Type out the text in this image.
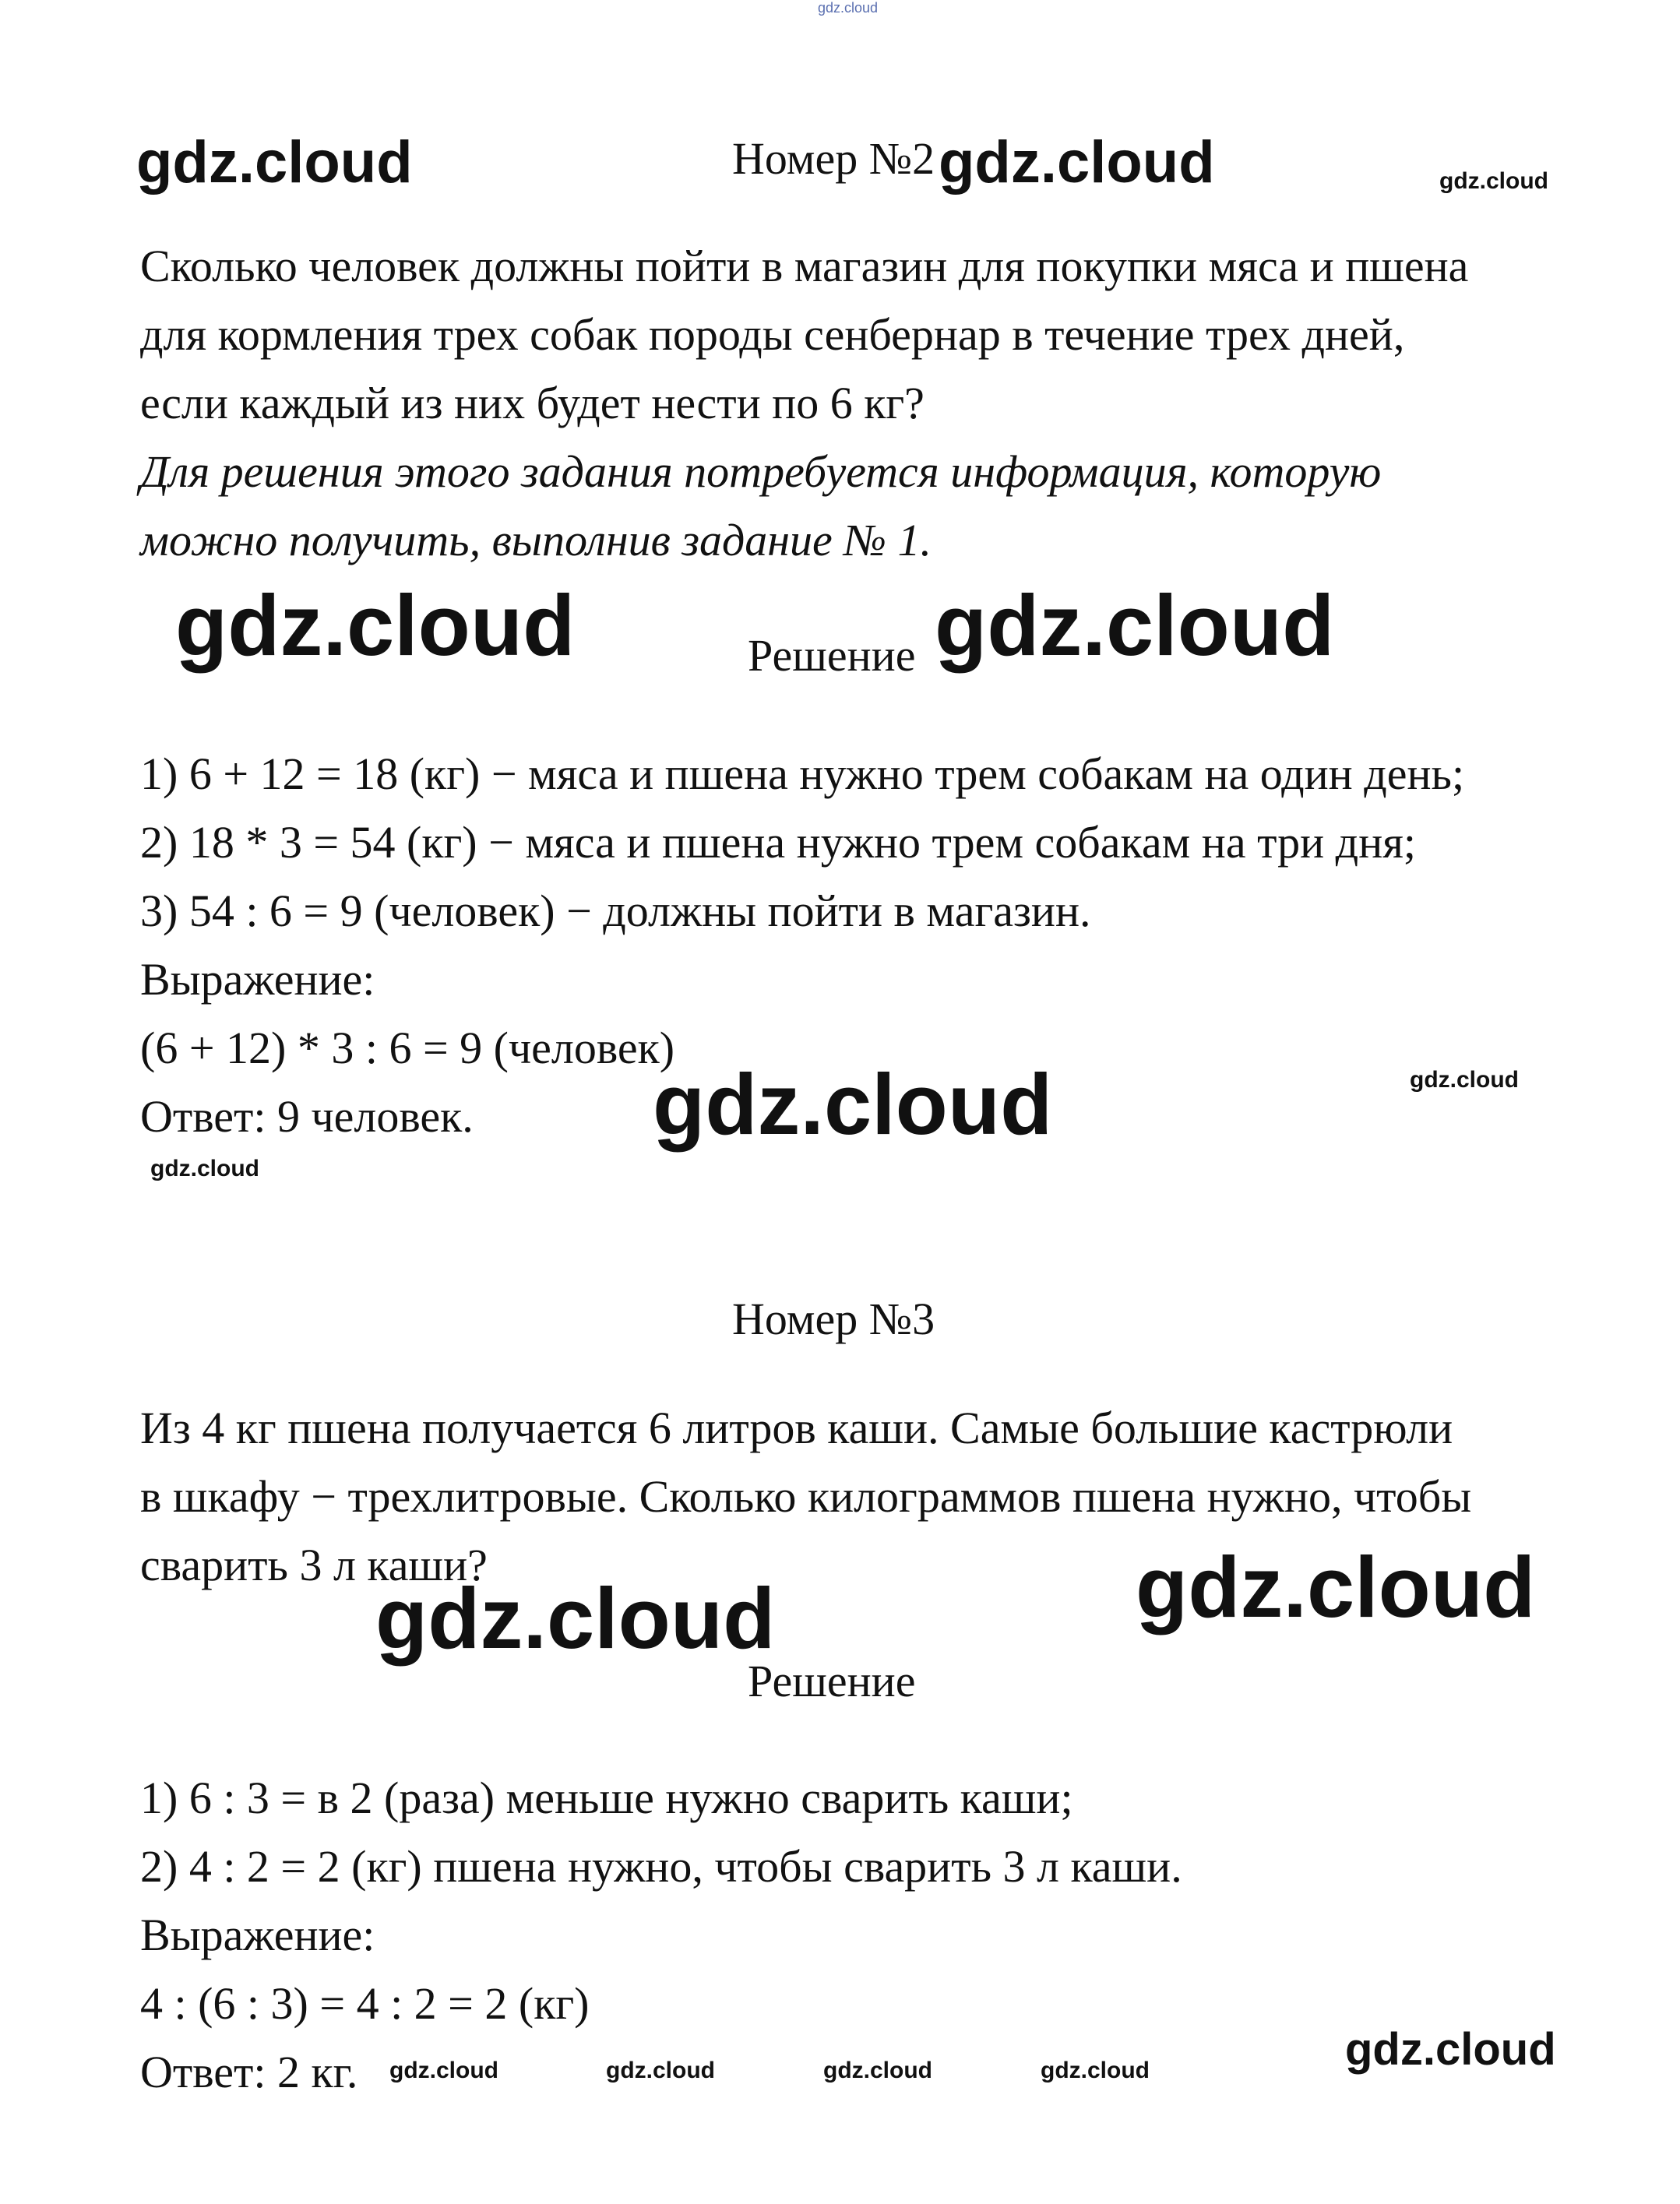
gdz.cloud
Номер №2
gdz.cloud	gdz.cloud	gdz.cloud
Сколько человек должны пойти в магазин для покупки мяса и пшена
для кормления трех собак породы сенбернар в течение трех дней,
если каждый из них будет нести по 6 кг?
Для решения этого задания потребуется информация, которую
можно получить, выполнив задание № 1.
gdz.cloud	Решение gdz.cloud
1) 6 + 12 = 18 (кг) − мяса и пшена нужно трем собакам на один день;
2) 18 * 3 = 54 (кг) − мяса и пшена нужно трем собакам на три дня;
3) 54 : 6 = 9 (человек) − должны пойти в магазин.
Выражение:
(6 + 12) * 3 : 6 = 9 (человек)
Ответ: 9 человек.	gdz.cloud	gdz.cloud
gdz.cloud
Номер №3
Из 4 кг пшена получается 6 литров каши. Самые большие кастрюли
в шкафу − трехлитровые. Сколько килограммов пшена нужно, чтобы
сварить 3 л каши?	gdz.cloud
gdz.cloud
Решение
1) 6 : 3 = в 2 (раза) меньше нужно сварить каши;
2) 4 : 2 = 2 (кг) пшена нужно, чтобы сварить 3 л каши.
Выражение:
4 : (6 : 3) = 4 : 2 = 2 (кг)
Ответ: 2 кг.	gdz.cloud	gdz.cloud	gdz.cloud	gdz.cloud	gdz.cloud
